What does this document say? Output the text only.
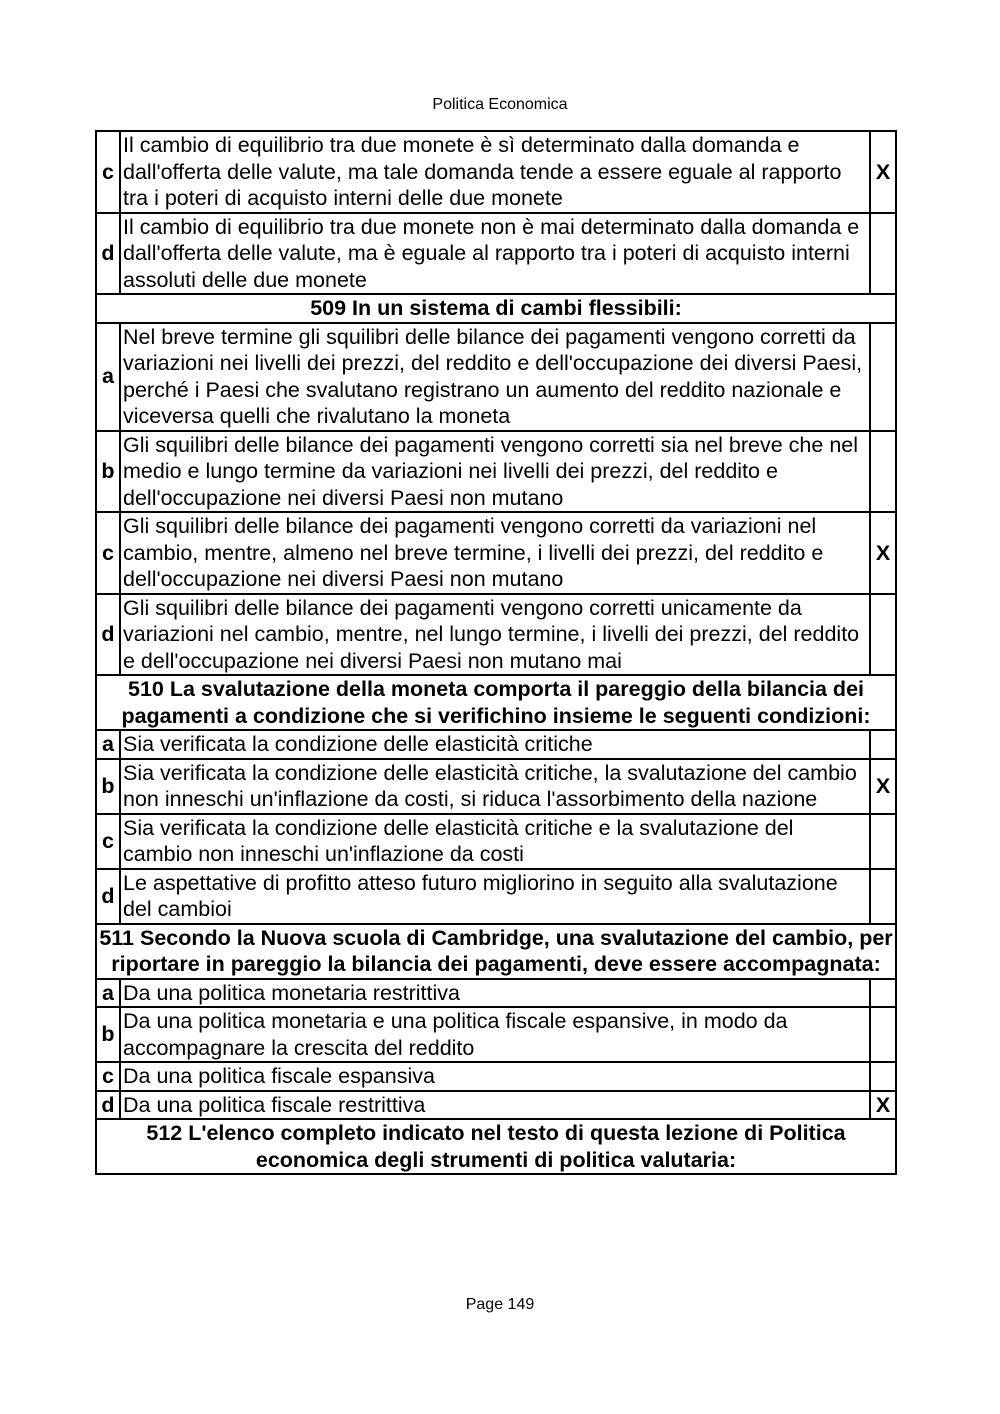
Politica Economica
c	Il cambio di equilibrio tra due monete è sì determinato dalla domanda e dall'offerta delle valute, ma tale domanda tende a essere eguale al rapporto tra i poteri di acquisto interni delle due monete	X
d	Il cambio di equilibrio tra due monete non è mai determinato dalla domanda e dall'offerta delle valute, ma è eguale al rapporto tra i poteri di acquisto interni assoluti delle due monete	
509 In un sistema di cambi flessibili:		
a	Nel breve termine gli squilibri delle bilance dei pagamenti vengono corretti da variazioni nei livelli dei prezzi, del reddito e dell'occupazione dei diversi Paesi, perché i Paesi che svalutano registrano un aumento del reddito nazionale e viceversa quelli che rivalutano la moneta	
b	Gli squilibri delle bilance dei pagamenti vengono corretti sia nel breve che nel medio e lungo termine da variazioni nei livelli dei prezzi, del reddito e dell'occupazione nei diversi Paesi non mutano	
c	Gli squilibri delle bilance dei pagamenti vengono corretti da variazioni nel cambio, mentre, almeno nel breve termine, i livelli dei prezzi, del reddito e dell'occupazione nei diversi Paesi non mutano	X
d	Gli squilibri delle bilance dei pagamenti vengono corretti unicamente da variazioni nel cambio, mentre, nel lungo termine, i livelli dei prezzi, del reddito e dell'occupazione nei diversi Paesi non mutano mai	
510 La svalutazione della moneta comporta il pareggio della bilancia dei pagamenti a condizione che si verifichino insieme le seguenti condizioni:		
a	Sia verificata la condizione delle elasticità critiche	
b	Sia verificata la condizione delle elasticità critiche, la svalutazione del cambio non inneschi un'inflazione da costi, si riduca l'assorbimento della nazione	X
c	Sia verificata la condizione delle elasticità critiche e la svalutazione del cambio non inneschi un'inflazione da costi	
d	Le aspettative di profitto atteso futuro migliorino in seguito alla svalutazione del cambioi	
511 Secondo la Nuova scuola di Cambridge, una svalutazione del cambio, per riportare in pareggio la bilancia dei pagamenti, deve essere accompagnata:		
a	Da una politica monetaria restrittiva	
b	Da una politica monetaria e una politica fiscale espansive, in modo da accompagnare la crescita del reddito	
c	Da una politica fiscale espansiva	
d	Da una politica fiscale restrittiva	X
512 L'elenco completo indicato nel testo di questa lezione di Politica economica degli strumenti di politica valutaria:		
Page 149
